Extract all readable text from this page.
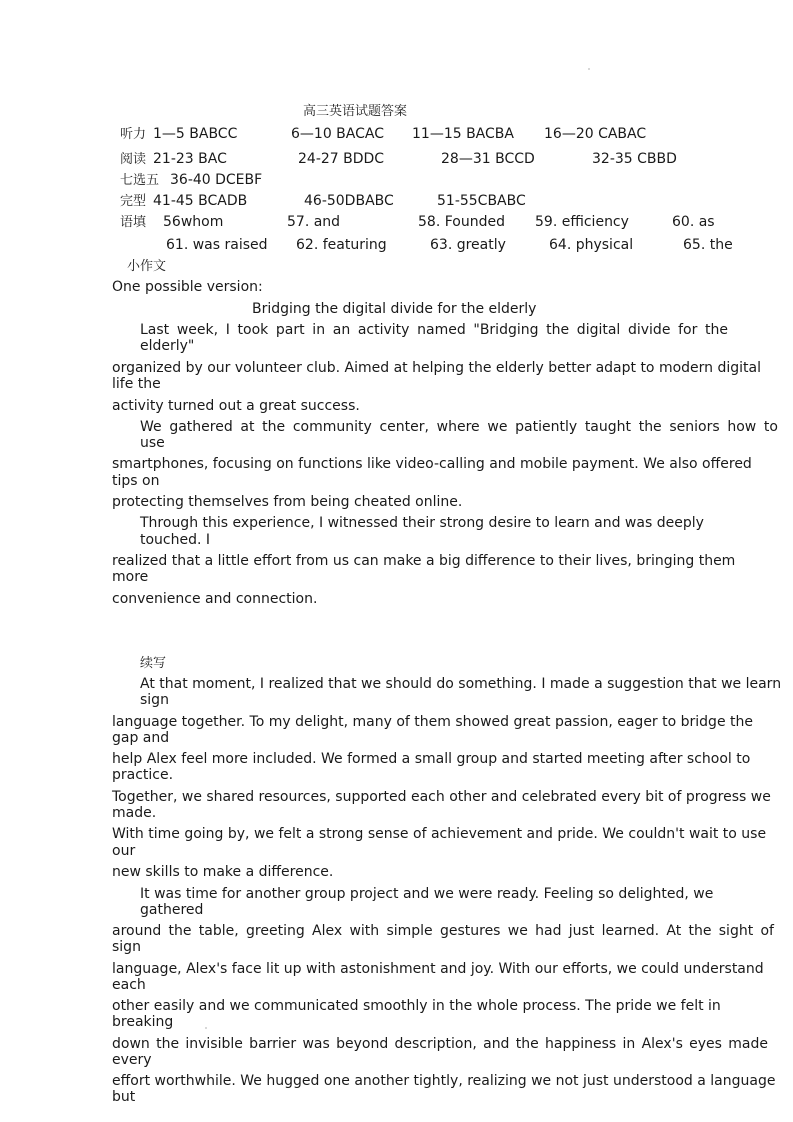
高三英语试题答案
听力 1—5 BABCC	6—10 BACAC 11—15 BACBA 16—20 CABAC
阅读 21-23 BAC	24-27 BDDC	28—31 BCCD	32-35 CBBD
七选五 36-40 DCEBF
完型 41-45 BCADB	46-50DBABC	51-55CBABC
语填 56whom	57. and	58. Founded 59. efficiency	60. as
61. was raised 62. featuring	63. greatly	64. physical	65. the
小作文
One possible version:
Bridging the digital divide for the elderly
Last week, I took part in an activity named "Bridging the digital divide for the
elderly"
organized by our volunteer club. Aimed at helping the elderly better adapt to modern digital
life the
activity turned out a great success.
We gathered at the community center, where we patiently taught the seniors how to
use
smartphones, focusing on functions like video-calling and mobile payment. We also offered
tips on
protecting themselves from being cheated online.
Through this experience, I witnessed their strong desire to learn and was deeply
touched. I
realized that a little effort from us can make a big difference to their lives, bringing them
more
convenience and connection.
续写
At that moment, I realized that we should do something. I made a suggestion that we learn
sign
language together. To my delight, many of them showed great passion, eager to bridge the
gap and
help Alex feel more included. We formed a small group and started meeting after school to
practice.
Together, we shared resources, supported each other and celebrated every bit of progress we
made.
With time going by, we felt a strong sense of achievement and pride. We couldn't wait to use
our
new skills to make a difference.
It was time for another group project and we were ready. Feeling so delighted, we
gathered
around the table, greeting Alex with simple gestures we had just learned. At the sight of
sign
language, Alex's face lit up with astonishment and joy. With our efforts, we could understand
each
other easily and we communicated smoothly in the whole process. The pride we felt in
breaking
down the invisible barrier was beyond description, and the happiness in Alex's eyes made
every
effort worthwhile. We hugged one another tightly, realizing we not just understood a language
but
